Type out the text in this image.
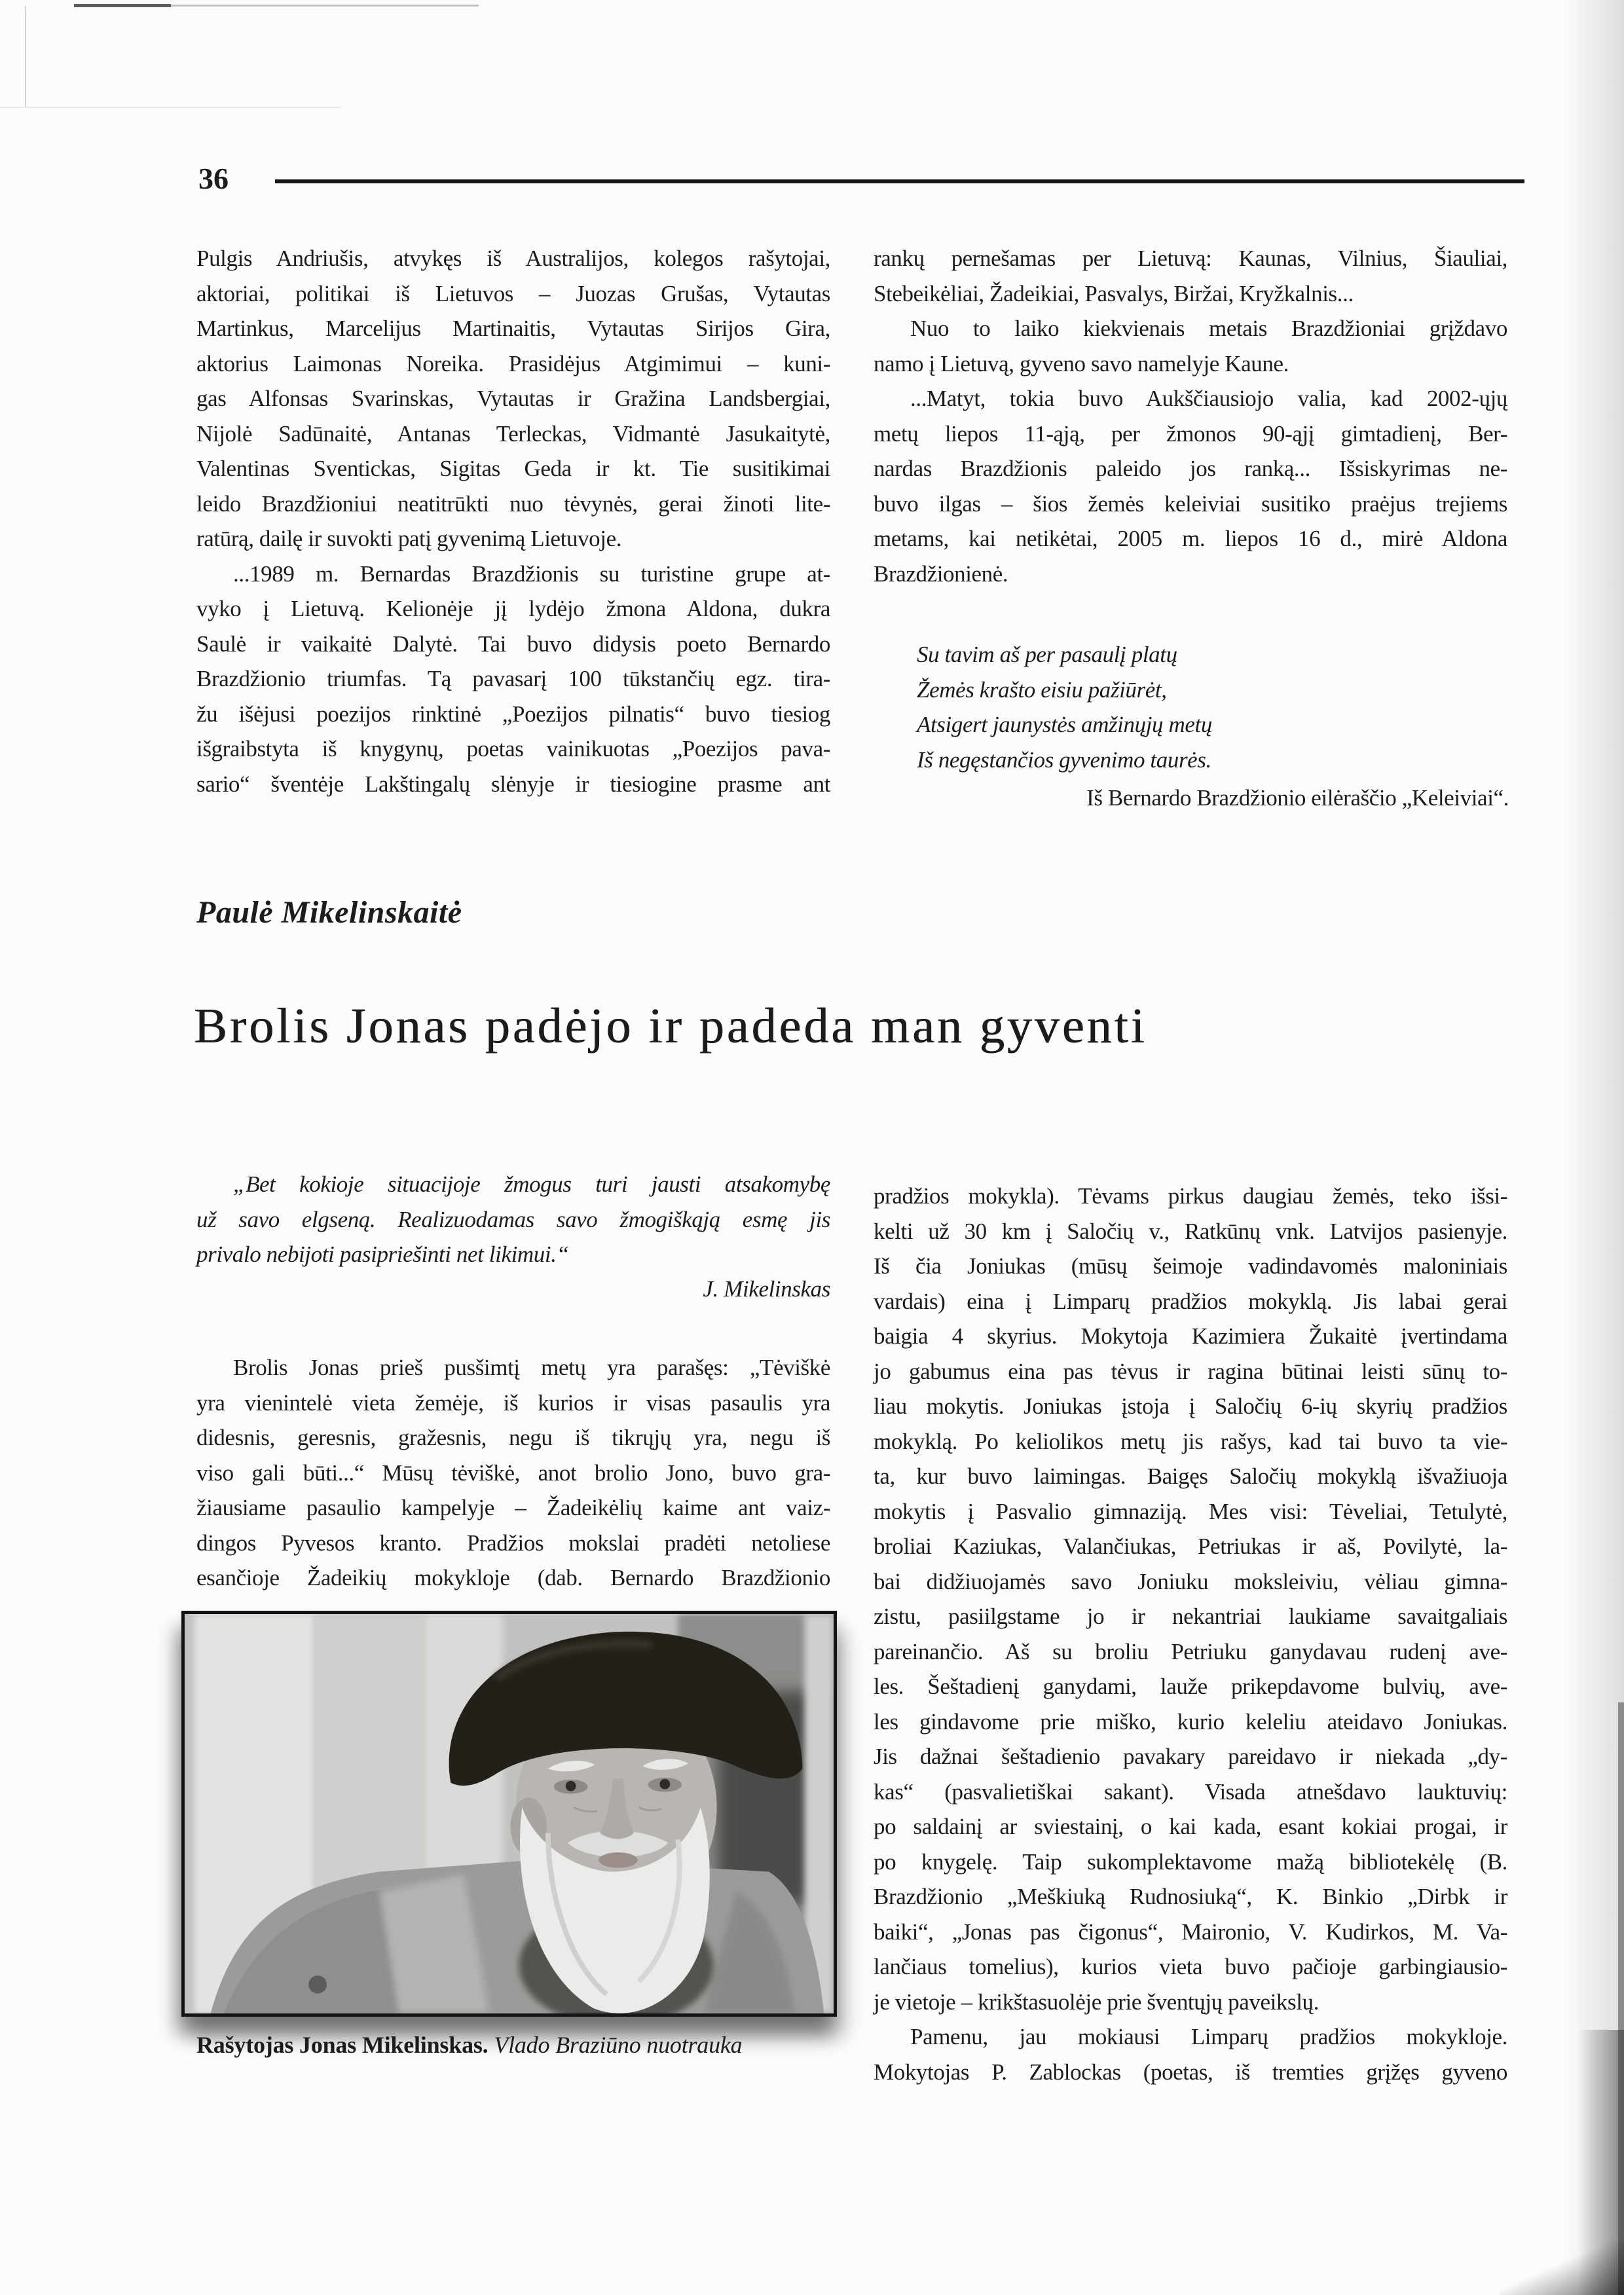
36
Pulgis Andriušis, atvykęs iš Australijos, kolegos rašytojai,
aktoriai, politikai iš Lietuvos – Juozas Grušas, Vytautas
Martinkus, Marcelijus Martinaitis, Vytautas Sirijos Gira,
aktorius Laimonas Noreika. Prasidėjus Atgimimui – kuni-
gas Alfonsas Svarinskas, Vytautas ir Gražina Landsbergiai,
Nijolė Sadūnaitė, Antanas Terleckas, Vidmantė Jasukaitytė,
Valentinas Sventickas, Sigitas Geda ir kt. Tie susitikimai
leido Brazdžioniui neatitrūkti nuo tėvynės, gerai žinoti lite-
ratūrą, dailę ir suvokti patį gyvenimą Lietuvoje.
...1989 m. Bernardas Brazdžionis su turistine grupe at-
vyko į Lietuvą. Kelionėje jį lydėjo žmona Aldona, dukra
Saulė ir vaikaitė Dalytė. Tai buvo didysis poeto Bernardo
Brazdžionio triumfas. Tą pavasarį 100 tūkstančių egz. tira-
žu išėjusi poezijos rinktinė „Poezijos pilnatis“ buvo tiesiog
išgraibstyta iš knygynų, poetas vainikuotas „Poezijos pava-
sario“ šventėje Lakštingalų slėnyje ir tiesiogine prasme ant
rankų pernešamas per Lietuvą: Kaunas, Vilnius, Šiauliai,
Stebeikėliai, Žadeikiai, Pasvalys, Biržai, Kryžkalnis...
Nuo to laiko kiekvienais metais Brazdžioniai grįždavo
namo į Lietuvą, gyveno savo namelyje Kaune.
...Matyt, tokia buvo Aukščiausiojo valia, kad 2002-ųjų
metų liepos 11-ąją, per žmonos 90-ąjį gimtadienį, Ber-
nardas Brazdžionis paleido jos ranką... Išsiskyrimas ne-
buvo ilgas – šios žemės keleiviai susitiko praėjus trejiems
metams, kai netikėtai, 2005 m. liepos 16 d., mirė Aldona
Brazdžionienė.
Su tavim aš per pasaulį platų
Žemės krašto eisiu pažiūrėt,
Atsigert jaunystės amžinųjų metų
Iš negęstančios gyvenimo taurės.
Iš Bernardo Brazdžionio eilėraščio „Keleiviai“.
Paulė Mikelinskaitė
Brolis Jonas padėjo ir padeda man gyventi
„Bet kokioje situacijoje žmogus turi jausti atsakomybę
už savo elgseną. Realizuodamas savo žmogiškąją esmę jis
privalo nebijoti pasipriešinti net likimui.“
J. Mikelinskas
Brolis Jonas prieš pusšimtį metų yra parašęs: „Tėviškė
yra vienintelė vieta žemėje, iš kurios ir visas pasaulis yra
didesnis, geresnis, gražesnis, negu iš tikrųjų yra, negu iš
viso gali būti...“ Mūsų tėviškė, anot brolio Jono, buvo gra-
žiausiame pasaulio kampelyje – Žadeikėlių kaime ant vaiz-
dingos Pyvesos kranto. Pradžios mokslai pradėti netoliese
esančioje Žadeikių mokykloje (dab. Bernardo Brazdžionio
pradžios mokykla). Tėvams pirkus daugiau žemės, teko išsi-
kelti už 30 km į Saločių v., Ratkūnų vnk. Latvijos pasienyje.
Iš čia Joniukas (mūsų šeimoje vadindavomės maloniniais
vardais) eina į Limparų pradžios mokyklą. Jis labai gerai
baigia 4 skyrius. Mokytoja Kazimiera Žukaitė įvertindama
jo gabumus eina pas tėvus ir ragina būtinai leisti sūnų to-
liau mokytis. Joniukas įstoja į Saločių 6-ių skyrių pradžios
mokyklą. Po keliolikos metų jis rašys, kad tai buvo ta vie-
ta, kur buvo laimingas. Baigęs Saločių mokyklą išvažiuoja
mokytis į Pasvalio gimnaziją. Mes visi: Tėveliai, Tetulytė,
broliai Kaziukas, Valančiukas, Petriukas ir aš, Povilytė, la-
bai didžiuojamės savo Joniuku moksleiviu, vėliau gimna-
zistu, pasiilgstame jo ir nekantriai laukiame savaitgaliais
pareinančio. Aš su broliu Petriuku ganydavau rudenį ave-
les. Šeštadienį ganydami, lauže prikepdavome bulvių, ave-
les gindavome prie miško, kurio keleliu ateidavo Joniukas.
Jis dažnai šeštadienio pavakary pareidavo ir niekada „dy-
kas“ (pasvalietiškai sakant). Visada atnešdavo lauktuvių:
po saldainį ar sviestainį, o kai kada, esant kokiai progai, ir
po knygelę. Taip sukomplektavome mažą bibliotekėlę (B.
Brazdžionio „Meškiuką Rudnosiuką“, K. Binkio „Dirbk ir
baiki“, „Jonas pas čigonus“, Maironio, V. Kudirkos, M. Va-
lančiaus tomelius), kurios vieta buvo pačioje garbingiausio-
je vietoje – krikštasuolėje prie šventųjų paveikslų.
Pamenu, jau mokiausi Limparų pradžios mokykloje.
Mokytojas P. Zablockas (poetas, iš tremties grįžęs gyveno
Rašytojas Jonas Mikelinskas. Vlado Braziūno nuotrauka
